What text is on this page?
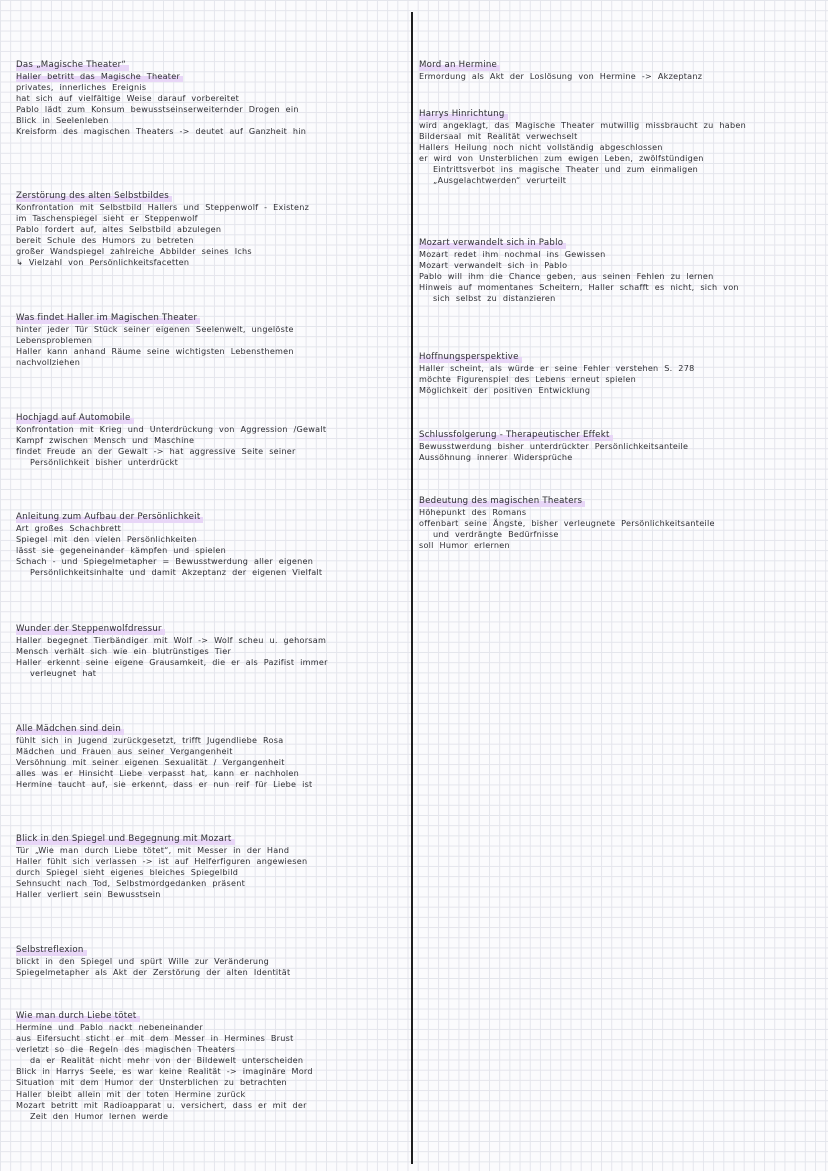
Das „Magische Theater“
Haller betritt das Magische Theater
privates, innerliches Ereignis
hat sich auf vielfältige Weise darauf vorbereitet
Pablo lädt zum Konsum bewusstseinserweiternder Drogen ein
Blick in Seelenleben
Kreisform des magischen Theaters -> deutet auf Ganzheit hin
Zerstörung des alten Selbstbildes
Konfrontation mit Selbstbild Hallers und Steppenwolf - Existenz
im Taschenspiegel sieht er Steppenwolf
Pablo fordert auf, altes Selbstbild abzulegen
bereit Schule des Humors zu betreten
großer Wandspiegel zahlreiche Abbilder seines Ichs
↳ Vielzahl von Persönlichkeitsfacetten
Was findet Haller im Magischen Theater
hinter jeder Tür Stück seiner eigenen Seelenwelt, ungelöste
Lebensproblemen
Haller kann anhand Räume seine wichtigsten Lebensthemen
nachvollziehen
Hochjagd auf Automobile
Konfrontation mit Krieg und Unterdrückung von Aggression /Gewalt
Kampf zwischen Mensch und Maschine
findet Freude an der Gewalt -> hat aggressive Seite seiner
Persönlichkeit bisher unterdrückt
Anleitung zum Aufbau der Persönlichkeit
Art großes Schachbrett
Spiegel mit den vielen Persönlichkeiten
lässt sie gegeneinander kämpfen und spielen
Schach - und Spiegelmetapher = Bewusstwerdung aller eigenen
Persönlichkeitsinhalte und damit Akzeptanz der eigenen Vielfalt
Wunder der Steppenwolfdressur
Haller begegnet Tierbändiger mit Wolf -> Wolf scheu u. gehorsam
Mensch verhält sich wie ein blutrünstiges Tier
Haller erkennt seine eigene Grausamkeit, die er als Pazifist immer
verleugnet hat
Alle Mädchen sind dein
fühlt sich in Jugend zurückgesetzt, trifft Jugendliebe Rosa
Mädchen und Frauen aus seiner Vergangenheit
Versöhnung mit seiner eigenen Sexualität / Vergangenheit
alles was er Hinsicht Liebe verpasst hat, kann er nachholen
Hermine taucht auf, sie erkennt, dass er nun reif für Liebe ist
Blick in den Spiegel und Begegnung mit Mozart
Tür „Wie man durch Liebe tötet“, mit Messer in der Hand
Haller fühlt sich verlassen -> ist auf Helferfiguren angewiesen
durch Spiegel sieht eigenes bleiches Spiegelbild
Sehnsucht nach Tod, Selbstmordgedanken präsent
Haller verliert sein Bewusstsein
Selbstreflexion
blickt in den Spiegel und spürt Wille zur Veränderung
Spiegelmetapher als Akt der Zerstörung der alten Identität
Wie man durch Liebe tötet
Hermine und Pablo nackt nebeneinander
aus Eifersucht sticht er mit dem Messer in Hermines Brust
verletzt so die Regeln des magischen Theaters
da er Realität nicht mehr von der Bildewelt unterscheiden
Blick in Harrys Seele, es war keine Realität -> imaginäre Mord
Situation mit dem Humor der Unsterblichen zu betrachten
Haller bleibt allein mit der toten Hermine zurück
Mozart betritt mit Radioapparat u. versichert, dass er mit der
Zeit den Humor lernen werde
Mord an Hermine
Ermordung als Akt der Loslösung von Hermine -> Akzeptanz
Harrys Hinrichtung
wird angeklagt, das Magische Theater mutwillig missbraucht zu haben
Bildersaal mit Realität verwechselt
Hallers Heilung noch nicht vollständig abgeschlossen
er wird von Unsterblichen zum ewigen Leben, zwölfstündigen
Eintrittsverbot ins magische Theater und zum einmaligen
„Ausgelachtwerden“ verurteilt
Mozart verwandelt sich in Pablo
Mozart redet ihm nochmal ins Gewissen
Mozart verwandelt sich in Pablo
Pablo will ihm die Chance geben, aus seinen Fehlen zu lernen
Hinweis auf momentanes Scheitern, Haller schafft es nicht, sich von
sich selbst zu distanzieren
Hoffnungsperspektive
Haller scheint, als würde er seine Fehler verstehen S. 278
möchte Figurenspiel des Lebens erneut spielen
Möglichkeit der positiven Entwicklung
Schlussfolgerung - Therapeutischer Effekt
Bewusstwerdung bisher unterdrückter Persönlichkeitsanteile
Aussöhnung innerer Widersprüche
Bedeutung des magischen Theaters
Höhepunkt des Romans
offenbart seine Ängste, bisher verleugnete Persönlichkeitsanteile
und verdrängte Bedürfnisse
soll Humor erlernen
